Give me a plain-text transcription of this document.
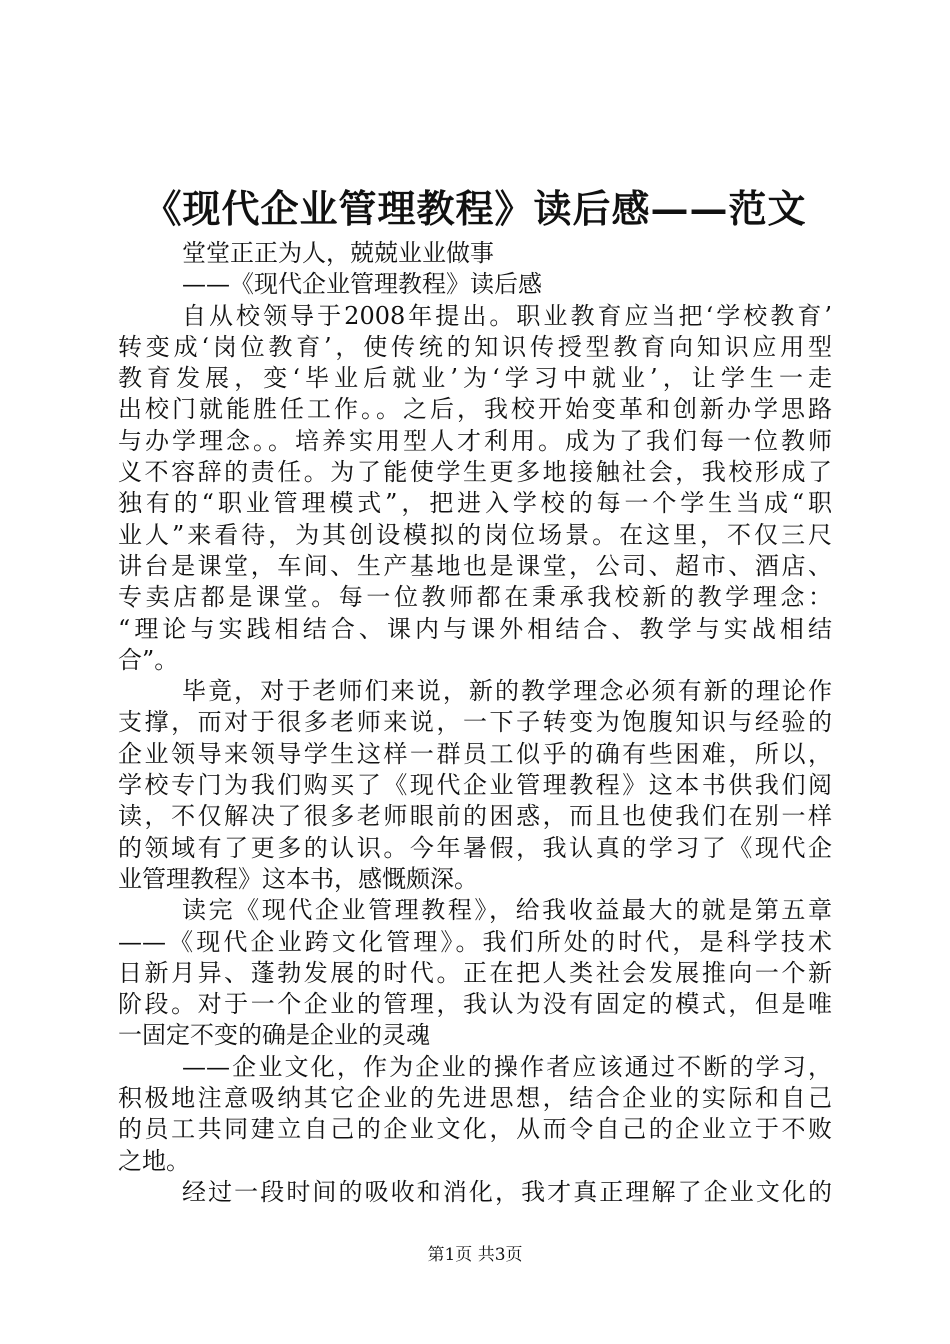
《现代企业管理教程》读后感——范文
堂堂正正为人，兢兢业业做事
——《现代企业管理教程》读后感
自从校领导于2008年提出。职业教育应当把‘学校教育’
转变成‘岗位教育’，使传统的知识传授型教育向知识应用型
教育发展，变‘毕业后就业’为‘学习中就业’，让学生一走
出校门就能胜任工作。。之后，我校开始变革和创新办学思路
与办学理念。。培养实用型人才利用。成为了我们每一位教师
义不容辞的责任。为了能使学生更多地接触社会，我校形成了
独有的“职业管理模式”，把进入学校的每一个学生当成“职
业人”来看待，为其创设模拟的岗位场景。在这里，不仅三尺
讲台是课堂，车间、生产基地也是课堂，公司、超市、酒店、
专卖店都是课堂。每一位教师都在秉承我校新的教学理念：
“理论与实践相结合、课内与课外相结合、教学与实战相结
合”。
毕竟，对于老师们来说，新的教学理念必须有新的理论作
支撑，而对于很多老师来说，一下子转变为饱腹知识与经验的
企业领导来领导学生这样一群员工似乎的确有些困难，所以，
学校专门为我们购买了《现代企业管理教程》这本书供我们阅
读，不仅解决了很多老师眼前的困惑，而且也使我们在别一样
的领域有了更多的认识。今年暑假，我认真的学习了《现代企
业管理教程》这本书，感慨颇深。
读完《现代企业管理教程》，给我收益最大的就是第五章
——《现代企业跨文化管理》。我们所处的时代，是科学技术
日新月异、蓬勃发展的时代。正在把人类社会发展推向一个新
阶段。对于一个企业的管理，我认为没有固定的模式，但是唯
一固定不变的确是企业的灵魂
——企业文化，作为企业的操作者应该通过不断的学习，
积极地注意吸纳其它企业的先进思想，结合企业的实际和自己
的员工共同建立自己的企业文化，从而令自己的企业立于不败
之地。
经过一段时间的吸收和消化，我才真正理解了企业文化的
第1页 共3页
